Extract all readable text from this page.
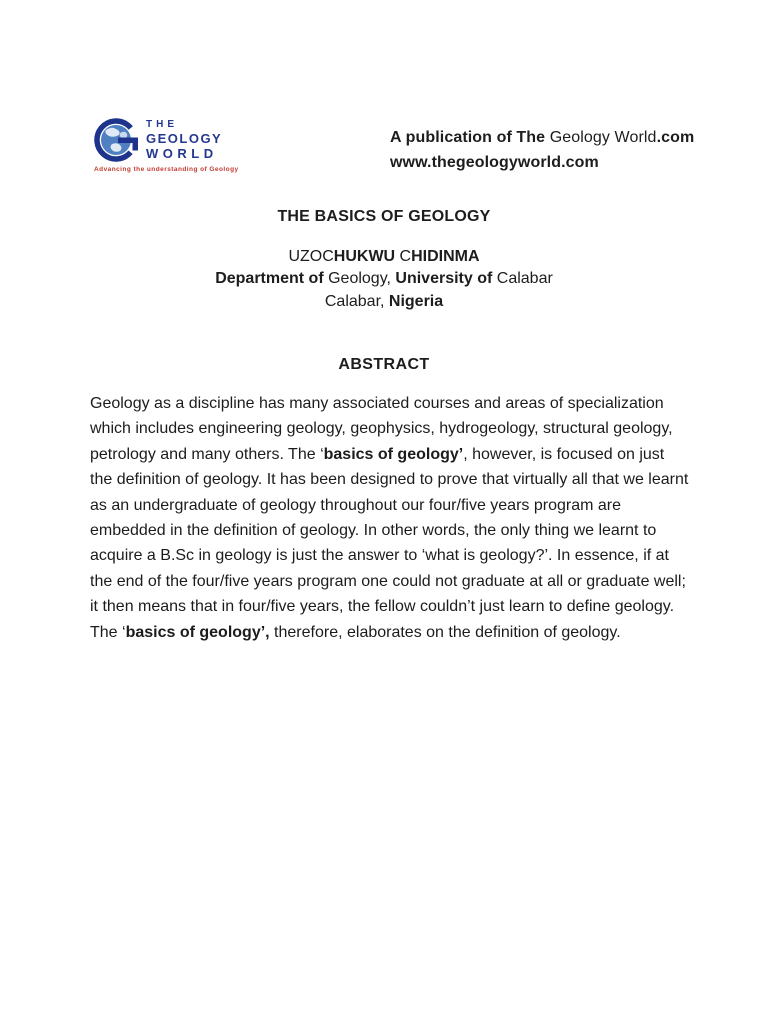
THE
GEOLOGY
WORLD
Advancing the understanding of Geology
A publication of The Geology World.com
www.thegeologyworld.com
THE BASICS OF GEOLOGY
UZOCHUKWU CHIDINMA
Department of Geology, University of Calabar
Calabar, Nigeria
ABSTRACT

Geology as a discipline has many associated courses and areas of specialization which includes engineering geology, geophysics, hydrogeology, structural geology, petrology and many others. The ‘basics of geology’, however, is focused on just the definition of geology. It has been designed to prove that virtually all that we learnt as an undergraduate of geology throughout our four/five years program are embedded in the definition of geology. In other words, the only thing we learnt to acquire a B.Sc in geology is just the answer to ‘what is geology?’. In essence, if at the end of the four/five years program one could not graduate at all or graduate well; it then means that in four/five years, the fellow couldn’t just learn to define geology. The ‘basics of geology’, therefore, elaborates on the definition of geology.
